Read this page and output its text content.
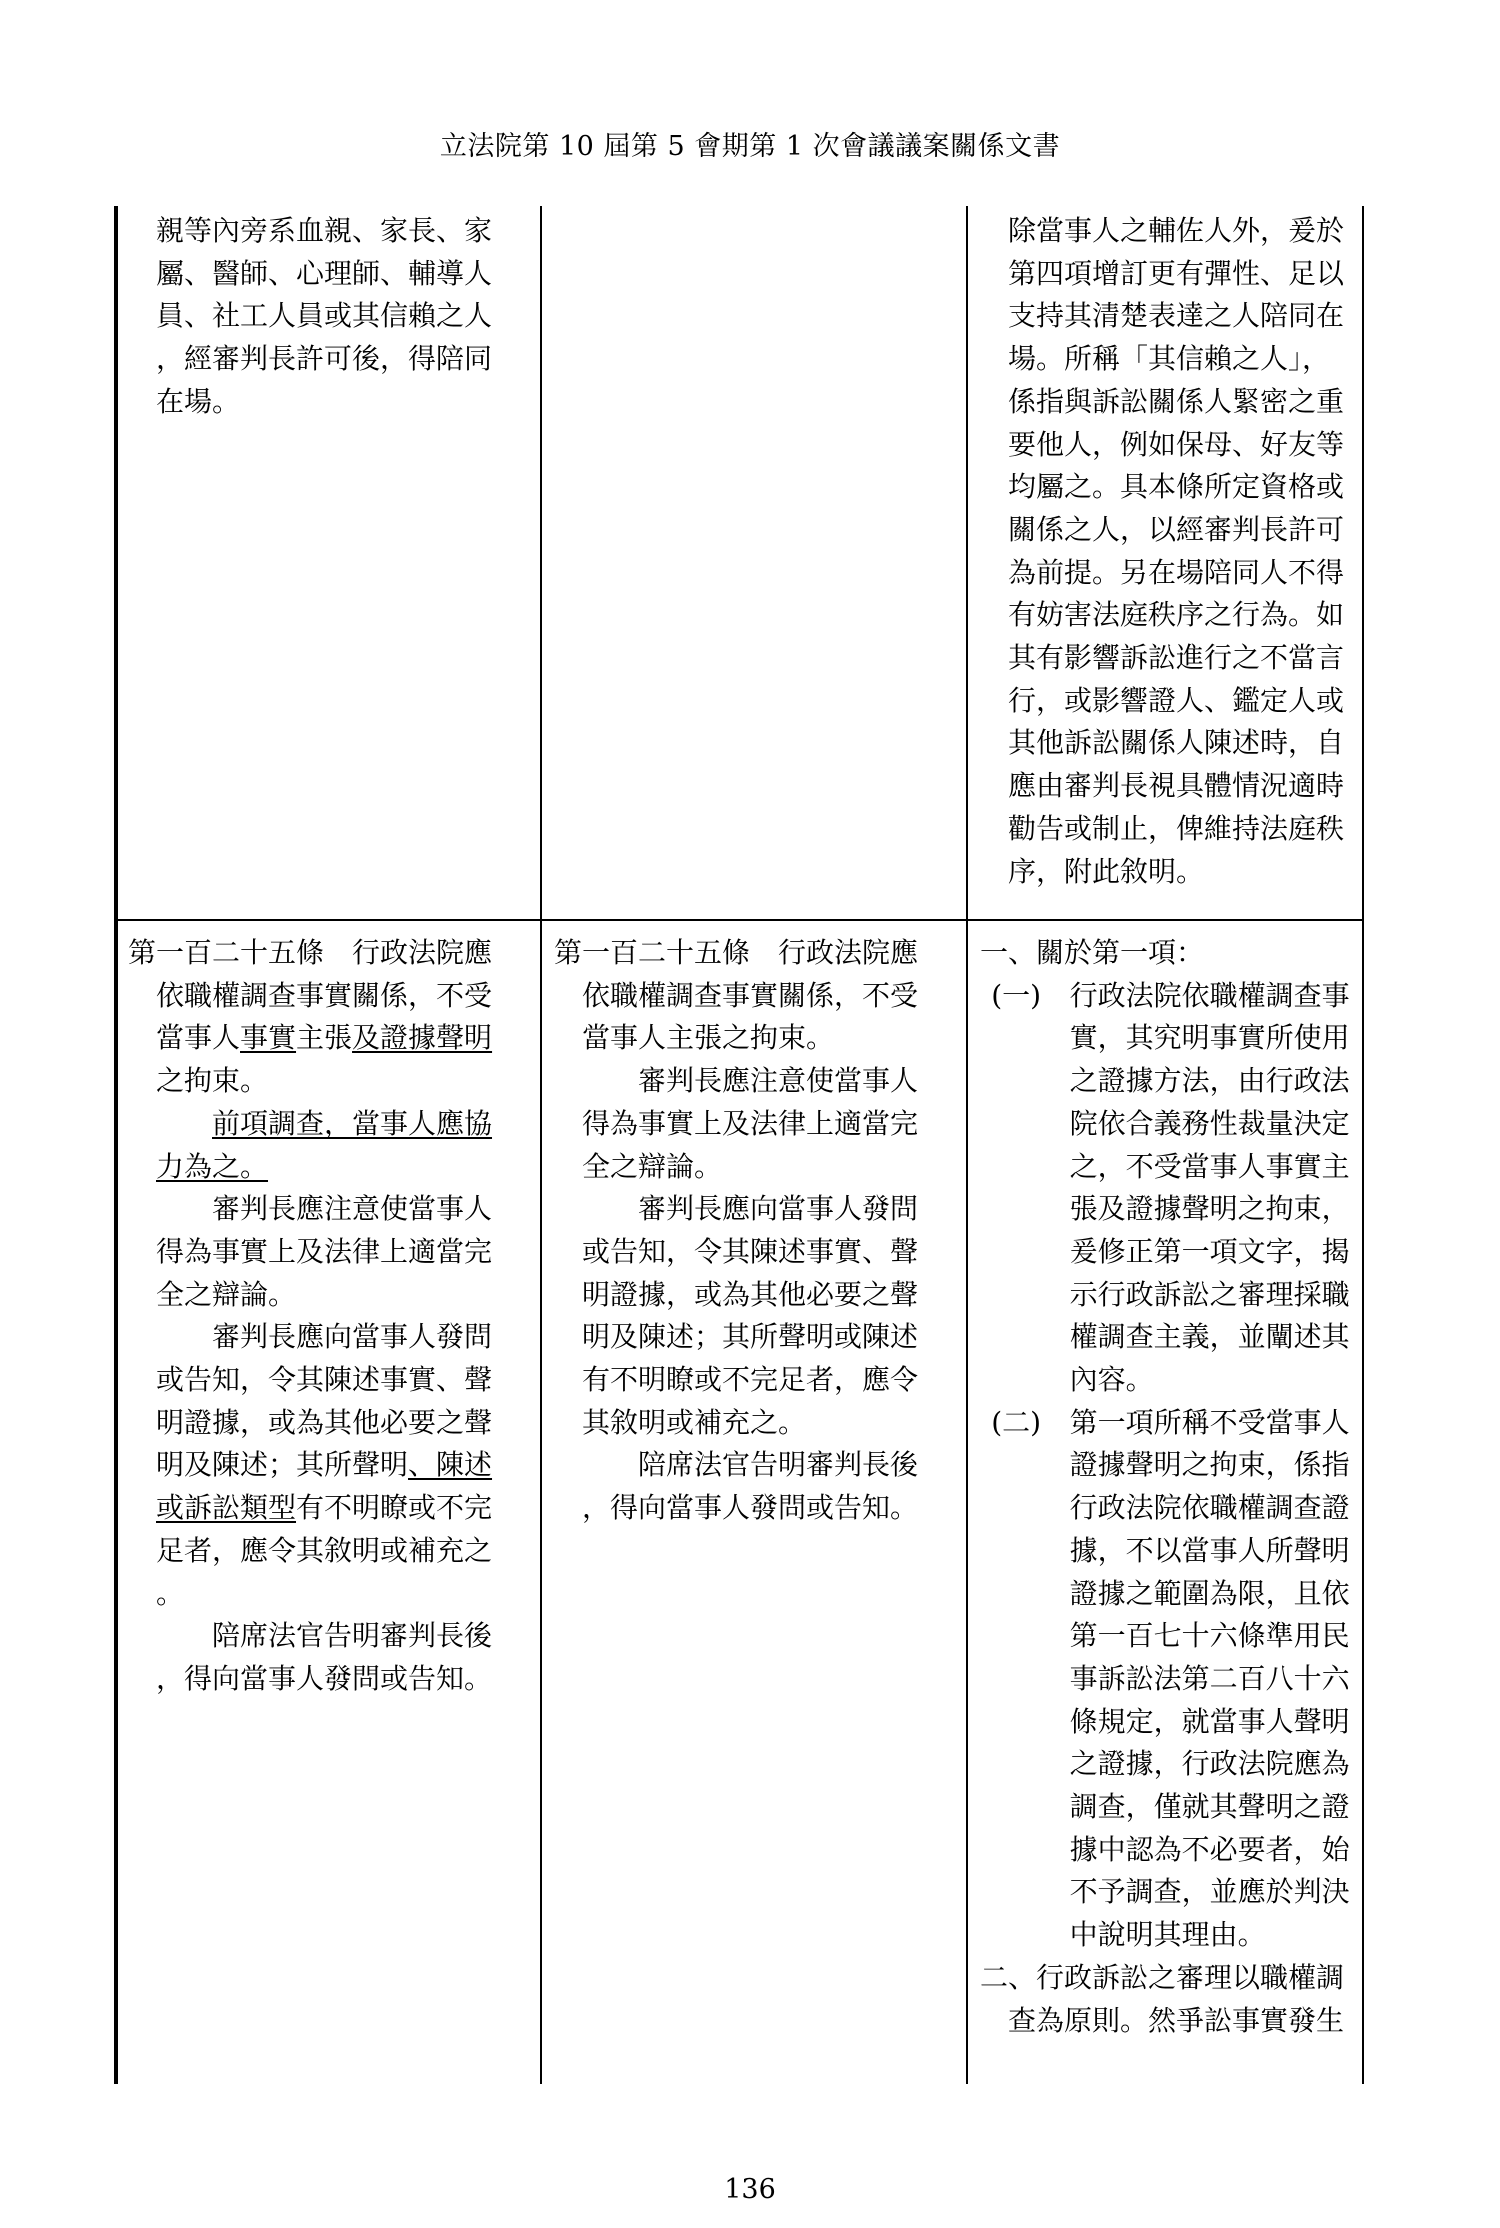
立法院第 10 屆第 5 會期第 1 次會議議案關係文書

親等內旁系血親、家長、家

屬、醫師、心理師、輔導人

員、社工人員或其信賴之人

，經審判長許可後，得陪同

在場。

除當事人之輔佐人外，爰於

第四項增訂更有彈性、足以

支持其清楚表達之人陪同在

場。所稱「其信賴之人」，

係指與訴訟關係人緊密之重

要他人，例如保母、好友等

均屬之。具本條所定資格或

關係之人，以經審判長許可

為前提。另在場陪同人不得

有妨害法庭秩序之行為。如

其有影響訴訟進行之不當言

行，或影響證人、鑑定人或

其他訴訟關係人陳述時，自

應由審判長視具體情況適時

勸告或制止，俾維持法庭秩

序，附此敘明。

第一百二十五條　行政法院應

依職權調查事實關係，不受

當事人事實主張及證據聲明

之拘束。

前項調查，當事人應協

力為之。

審判長應注意使當事人

得為事實上及法律上適當完

全之辯論。

審判長應向當事人發問

或告知，令其陳述事實、聲

明證據，或為其他必要之聲

明及陳述；其所聲明、陳述

或訴訟類型有不明瞭或不完

足者，應令其敘明或補充之

。

陪席法官告明審判長後

，得向當事人發問或告知。

第一百二十五條　行政法院應

依職權調查事實關係，不受

當事人主張之拘束。

審判長應注意使當事人

得為事實上及法律上適當完

全之辯論。

審判長應向當事人發問

或告知，令其陳述事實、聲

明證據，或為其他必要之聲

明及陳述；其所聲明或陳述

有不明瞭或不完足者，應令

其敘明或補充之。

陪席法官告明審判長後

，得向當事人發問或告知。

一、關於第一項：

(一) 行政法院依職權調查事

實，其究明事實所使用

之證據方法，由行政法

院依合義務性裁量決定

之，不受當事人事實主

張及證據聲明之拘束，

爰修正第一項文字，揭

示行政訴訟之審理採職

權調查主義，並闡述其

內容。

(二) 第一項所稱不受當事人

證據聲明之拘束，係指

行政法院依職權調查證

據，不以當事人所聲明

證據之範圍為限，且依

第一百七十六條準用民

事訴訟法第二百八十六

條規定，就當事人聲明

之證據，行政法院應為

調查，僅就其聲明之證

據中認為不必要者，始

不予調查，並應於判決

中說明其理由。

二、行政訴訟之審理以職權調

查為原則。然爭訟事實發生

136
